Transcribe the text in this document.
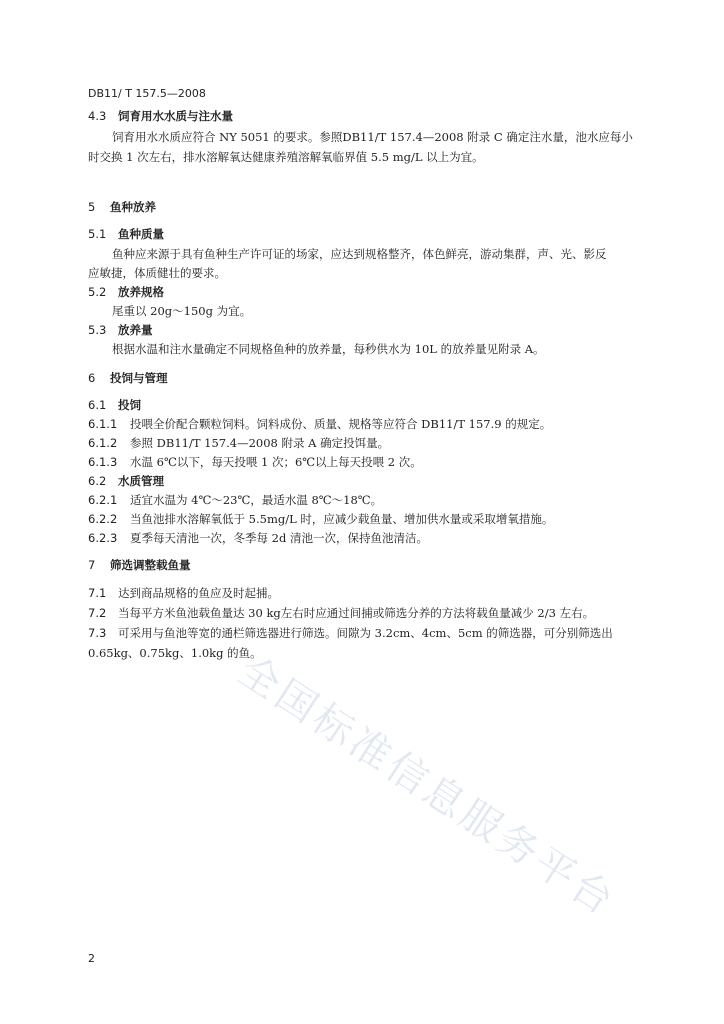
DB11/ T 157.5—2008
4.3 饲育用水水质与注水量
饲育用水水质应符合 NY 5051 的要求。参照DB11/T 157.4—2008 附录 C 确定注水量，池水应每小
时交换 1 次左右，排水溶解氧达健康养殖溶解氧临界值 5.5 mg/L 以上为宜。
5 鱼种放养
5.1 鱼种质量
鱼种应来源于具有鱼种生产许可证的场家，应达到规格整齐，体色鲜亮，游动集群，声、光、影反
应敏捷，体质健壮的要求。
5.2 放养规格
尾重以 20g～150g 为宜。
5.3 放养量
根据水温和注水量确定不同规格鱼种的放养量，每秒供水为 10L 的放养量见附录 A。
6 投饲与管理
6.1 投饲
6.1.1 投喂全价配合颗粒饲料。饲料成份、质量、规格等应符合 DB11/T 157.9 的规定。
6.1.2 参照 DB11/T 157.4—2008 附录 A 确定投饵量。
6.1.3 水温 6℃以下，每天投喂 1 次；6℃以上每天投喂 2 次。
6.2 水质管理
6.2.1 适宜水温为 4℃～23℃，最适水温 8℃～18℃。
6.2.2 当鱼池排水溶解氧低于 5.5mg/L 时，应减少载鱼量、增加供水量或采取增氧措施。
6.2.3 夏季每天清池一次，冬季每 2d 清池一次，保持鱼池清洁。
7 筛选调整载鱼量
7.1 达到商品规格的鱼应及时起捕。
7.2 当每平方米鱼池载鱼量达 30 kg左右时应通过间捕或筛选分养的方法将载鱼量减少 2/3 左右。
7.3 可采用与鱼池等宽的通栏筛选器进行筛选。间隙为 3.2cm、4cm、5cm 的筛选器，可分别筛选出
0.65kg、0.75kg、1.0kg 的鱼。
全国标准信息服务平台
2
